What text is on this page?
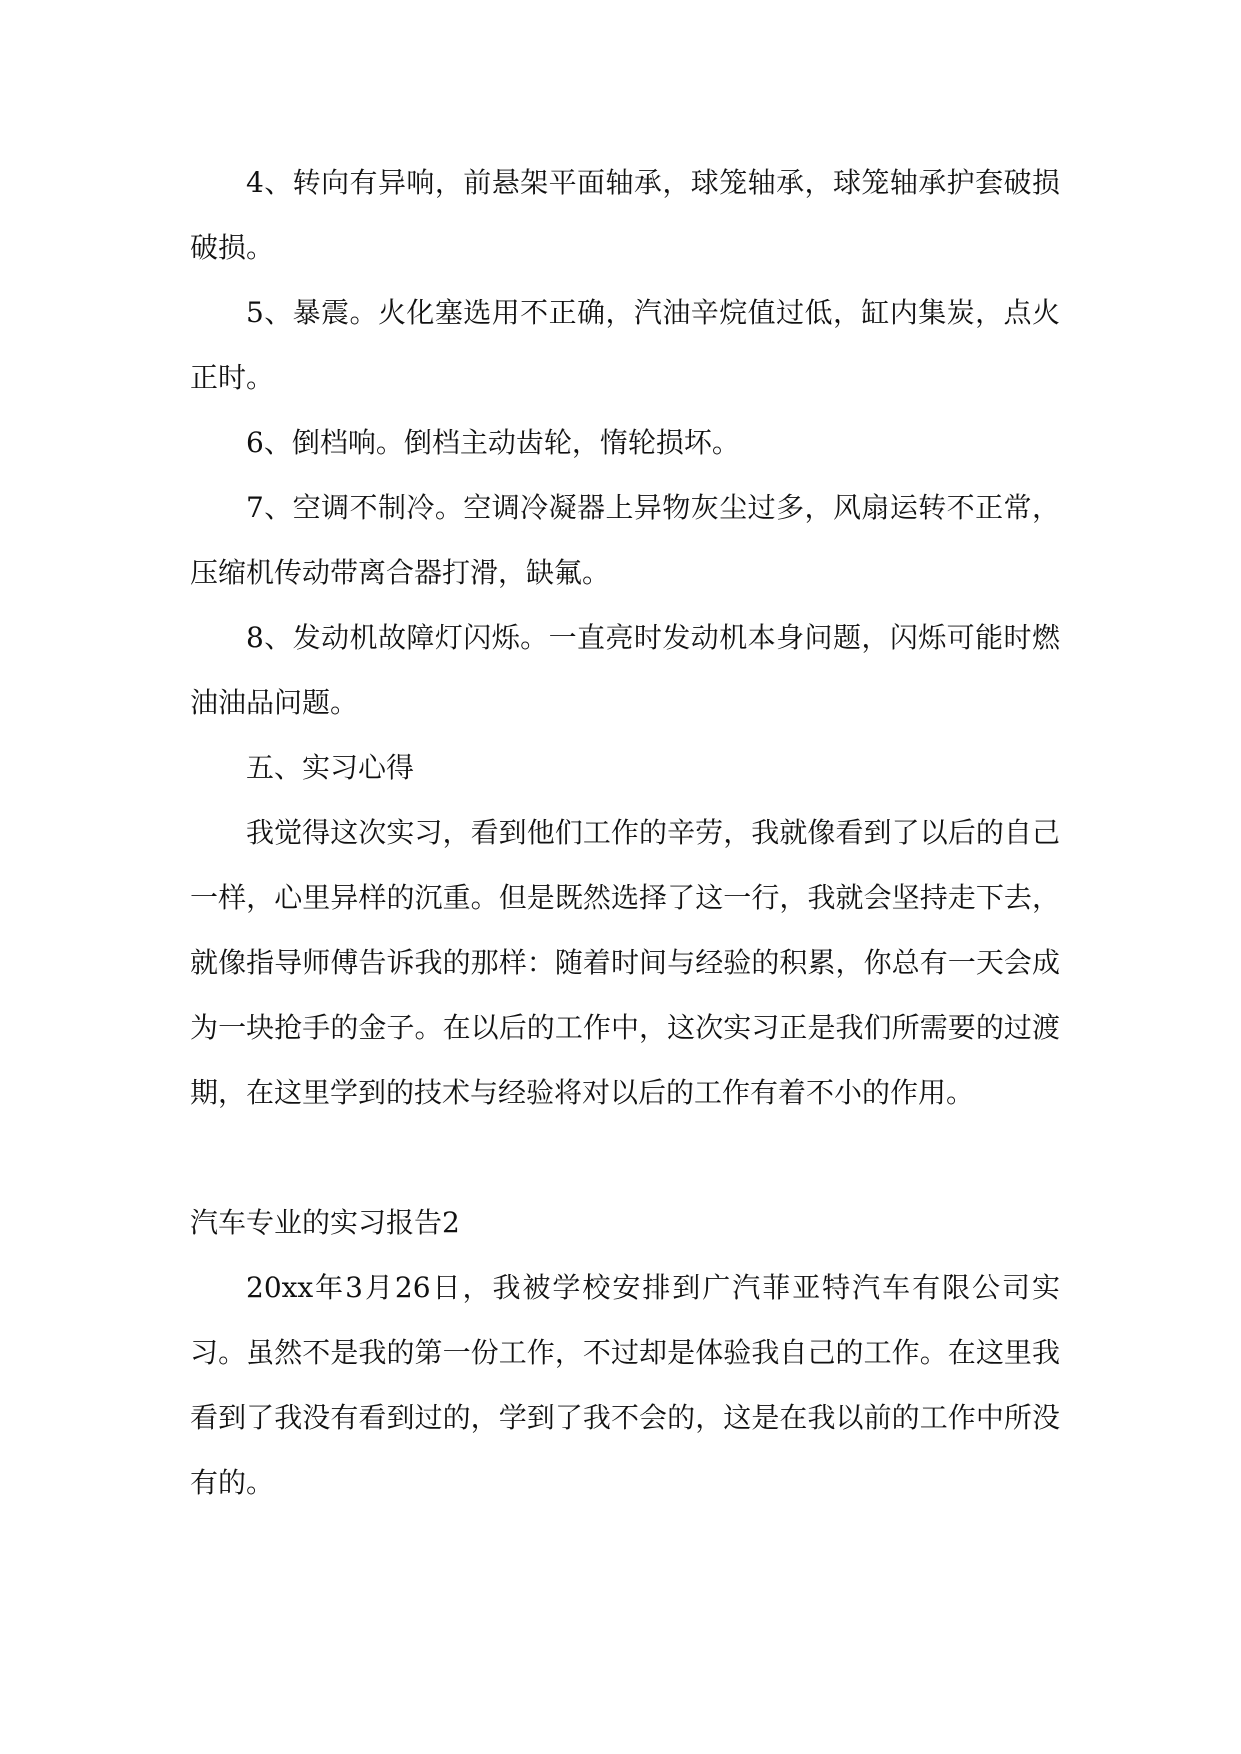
4、转向有异响，前悬架平面轴承，球笼轴承，球笼轴承护套破损破损。

5、暴震。火化塞选用不正确，汽油辛烷值过低，缸内集炭，点火正时。

6、倒档响。倒档主动齿轮，惰轮损坏。

7、空调不制冷。空调冷凝器上异物灰尘过多，风扇运转不正常，压缩机传动带离合器打滑，缺氟。

8、发动机故障灯闪烁。一直亮时发动机本身问题，闪烁可能时燃油油品问题。

五、实习心得

我觉得这次实习，看到他们工作的辛劳，我就像看到了以后的自己一样，心里异样的沉重。但是既然选择了这一行，我就会坚持走下去，就像指导师傅告诉我的那样：随着时间与经验的积累，你总有一天会成为一块抢手的金子。在以后的工作中，这次实习正是我们所需要的过渡期，在这里学到的技术与经验将对以后的工作有着不小的作用。

汽车专业的实习报告2

20xx年3月26日，我被学校安排到广汽菲亚特汽车有限公司实习。虽然不是我的第一份工作，不过却是体验我自己的工作。在这里我看到了我没有看到过的，学到了我不会的，这是在我以前的工作中所没有的。
